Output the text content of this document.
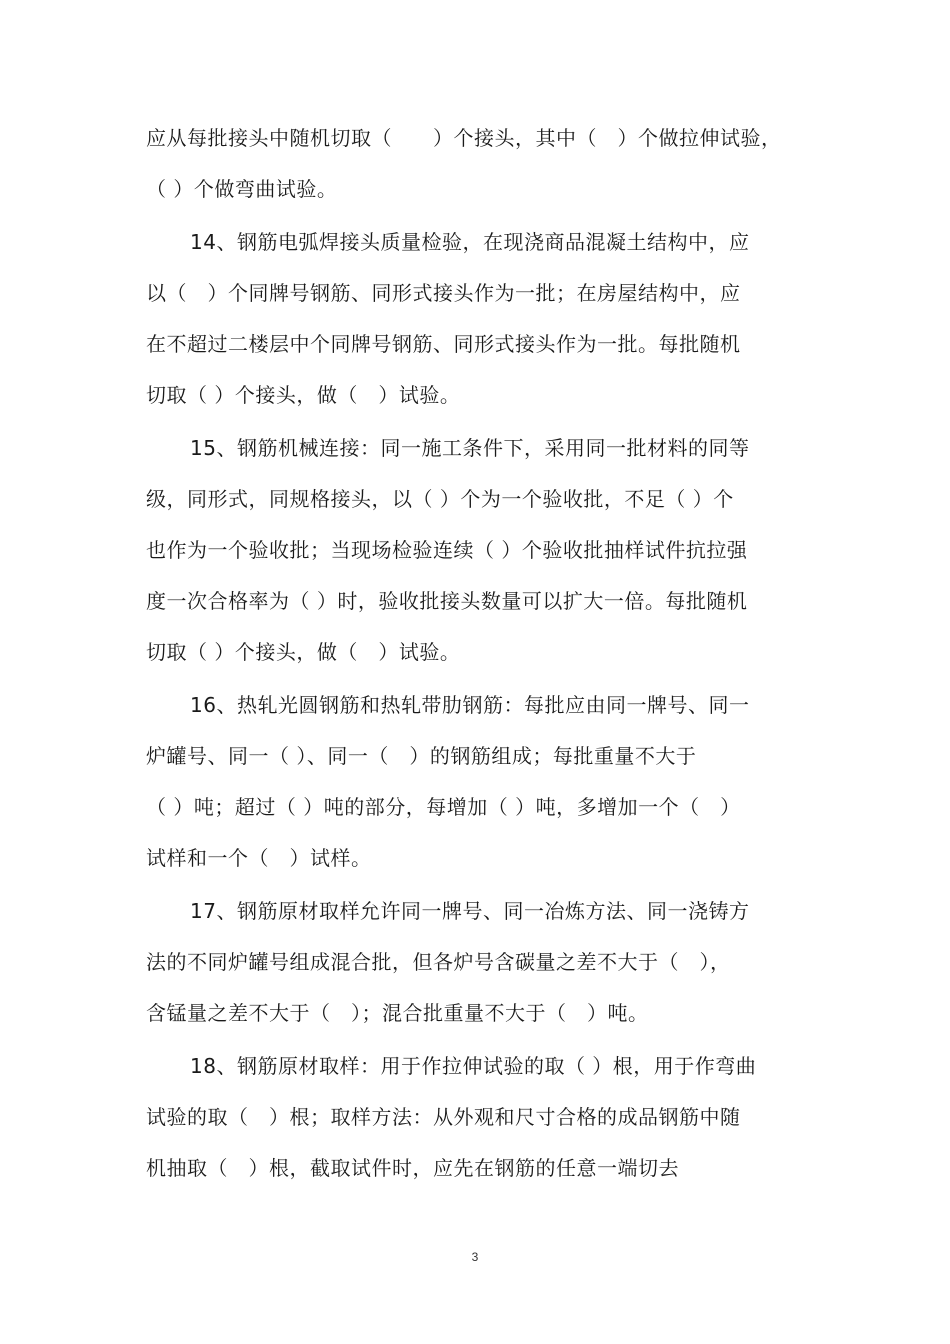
应从每批接头中随机切取（　　）个接头，其中（　）个做拉伸试验，
（ ）个做弯曲试验。
14、钢筋电弧焊接头质量检验，在现浇商品混凝土结构中，应
以（　）个同牌号钢筋、同形式接头作为一批；在房屋结构中，应
在不超过二楼层中个同牌号钢筋、同形式接头作为一批。每批随机
切取（ ）个接头，做（　）试验。
15、钢筋机械连接：同一施工条件下，采用同一批材料的同等
级，同形式，同规格接头，以（ ）个为一个验收批，不足（ ）个
也作为一个验收批；当现场检验连续（ ）个验收批抽样试件抗拉强
度一次合格率为（ ）时，验收批接头数量可以扩大一倍。每批随机
切取（ ）个接头，做（　）试验。
16、热轧光圆钢筋和热轧带肋钢筋：每批应由同一牌号、同一
炉罐号、同一（ ）、同一（　）的钢筋组成；每批重量不大于
（ ）吨；超过（ ）吨的部分，每增加（ ）吨，多增加一个（　）
试样和一个（　）试样。
17、钢筋原材取样允许同一牌号、同一冶炼方法、同一浇铸方
法的不同炉罐号组成混合批，但各炉号含碳量之差不大于（　），
含锰量之差不大于（　）；混合批重量不大于（　）吨。
18、钢筋原材取样：用于作拉伸试验的取（ ）根，用于作弯曲
试验的取（　）根；取样方法：从外观和尺寸合格的成品钢筋中随
机抽取（　）根，截取试件时，应先在钢筋的任意一端切去
3
